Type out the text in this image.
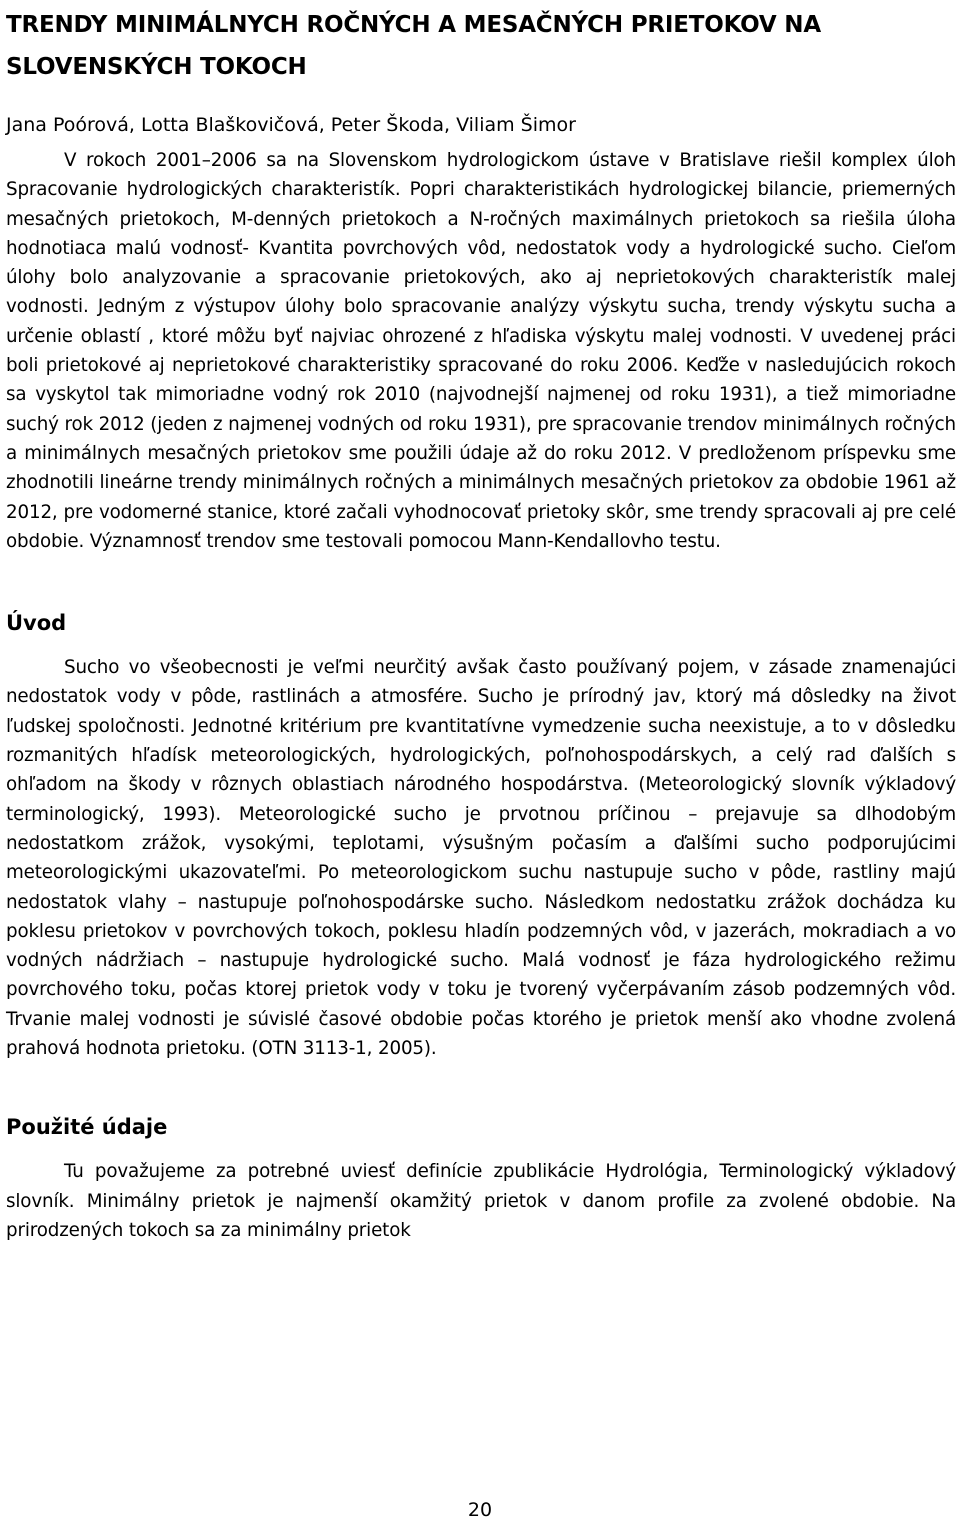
TRENDY MINIMÁLNYCH ROČNÝCH A MESAČNÝCH PRIETOKOV NA SLOVENSKÝCH TOKOCH

Jana Poórová, Lotta Blaškovičová, Peter Škoda, Viliam Šimor

V rokoch 2001–2006 sa na Slovenskom hydrologickom ústave v Bratislave riešil komplex úloh Spracovanie hydrologických charakteristík. Popri charakteristikách hydrologickej bilancie, priemerných mesačných prietokoch, M-denných prietokoch a N-ročných maximálnych prietokoch sa riešila úloha hodnotiaca malú vodnosť- Kvantita povrchových vôd, nedostatok vody a hydrologické sucho. Cieľom úlohy bolo analyzovanie a spracovanie prietokových, ako aj neprietokových charakteristík malej vodnosti. Jedným z výstupov úlohy bolo spracovanie analýzy výskytu sucha, trendy výskytu sucha a určenie oblastí , ktoré môžu byť najviac ohrozené z hľadiska výskytu malej vodnosti. V uvedenej práci boli prietokové aj neprietokové charakteristiky spracované do roku 2006. Keďže v nasledujúcich rokoch sa vyskytol tak mimoriadne vodný rok 2010 (najvodnejší najmenej od roku 1931), a tiež mimoriadne suchý rok 2012 (jeden z najmenej vodných od roku 1931), pre spracovanie trendov minimálnych ročných a minimálnych mesačných prietokov sme použili údaje až do roku 2012. V predloženom príspevku sme zhodnotili lineárne trendy minimálnych ročných a minimálnych mesačných prietokov za obdobie 1961 až 2012, pre vodomerné stanice, ktoré začali vyhodnocovať prietoky skôr, sme trendy spracovali aj pre celé obdobie. Významnosť trendov sme testovali pomocou Mann-Kendallovho testu.

Úvod

Sucho vo všeobecnosti je veľmi neurčitý avšak často používaný pojem, v zásade znamenajúci nedostatok vody v pôde, rastlinách a atmosfére. Sucho je prírodný jav, ktorý má dôsledky na život ľudskej spoločnosti. Jednotné kritérium pre kvantitatívne vymedzenie sucha neexistuje, a to v dôsledku rozmanitých hľadísk meteorologických, hydrologických, poľnohospodárskych, a celý rad ďalších s ohľadom na škody v rôznych oblastiach národného hospodárstva. (Meteorologický slovník výkladový terminologický, 1993). Meteorologické sucho je prvotnou príčinou – prejavuje sa dlhodobým nedostatkom zrážok, vysokými, teplotami, výsušným počasím a ďalšími sucho podporujúcimi meteorologickými ukazovateľmi. Po meteorologickom suchu nastupuje sucho v pôde, rastliny majú nedostatok vlahy – nastupuje poľnohospodárske sucho. Následkom nedostatku zrážok dochádza ku poklesu prietokov v povrchových tokoch, poklesu hladín podzemných vôd, v jazerách, mokradiach a vo vodných nádržiach – nastupuje hydrologické sucho. Malá vodnosť je fáza hydrologického režimu povrchového toku, počas ktorej prietok vody v toku je tvorený vyčerpávaním zásob podzemných vôd. Trvanie malej vodnosti je súvislé časové obdobie počas ktorého je prietok menší ako vhodne zvolená prahová hodnota prietoku. (OTN 3113-1, 2005).

Použité údaje

Tu považujeme za potrebné uviesť definície zpublikácie Hydrológia, Terminologický výkladový slovník. Minimálny prietok je najmenší okamžitý prietok v danom profile za zvolené obdobie. Na prirodzených tokoch sa za minimálny prietok

20
